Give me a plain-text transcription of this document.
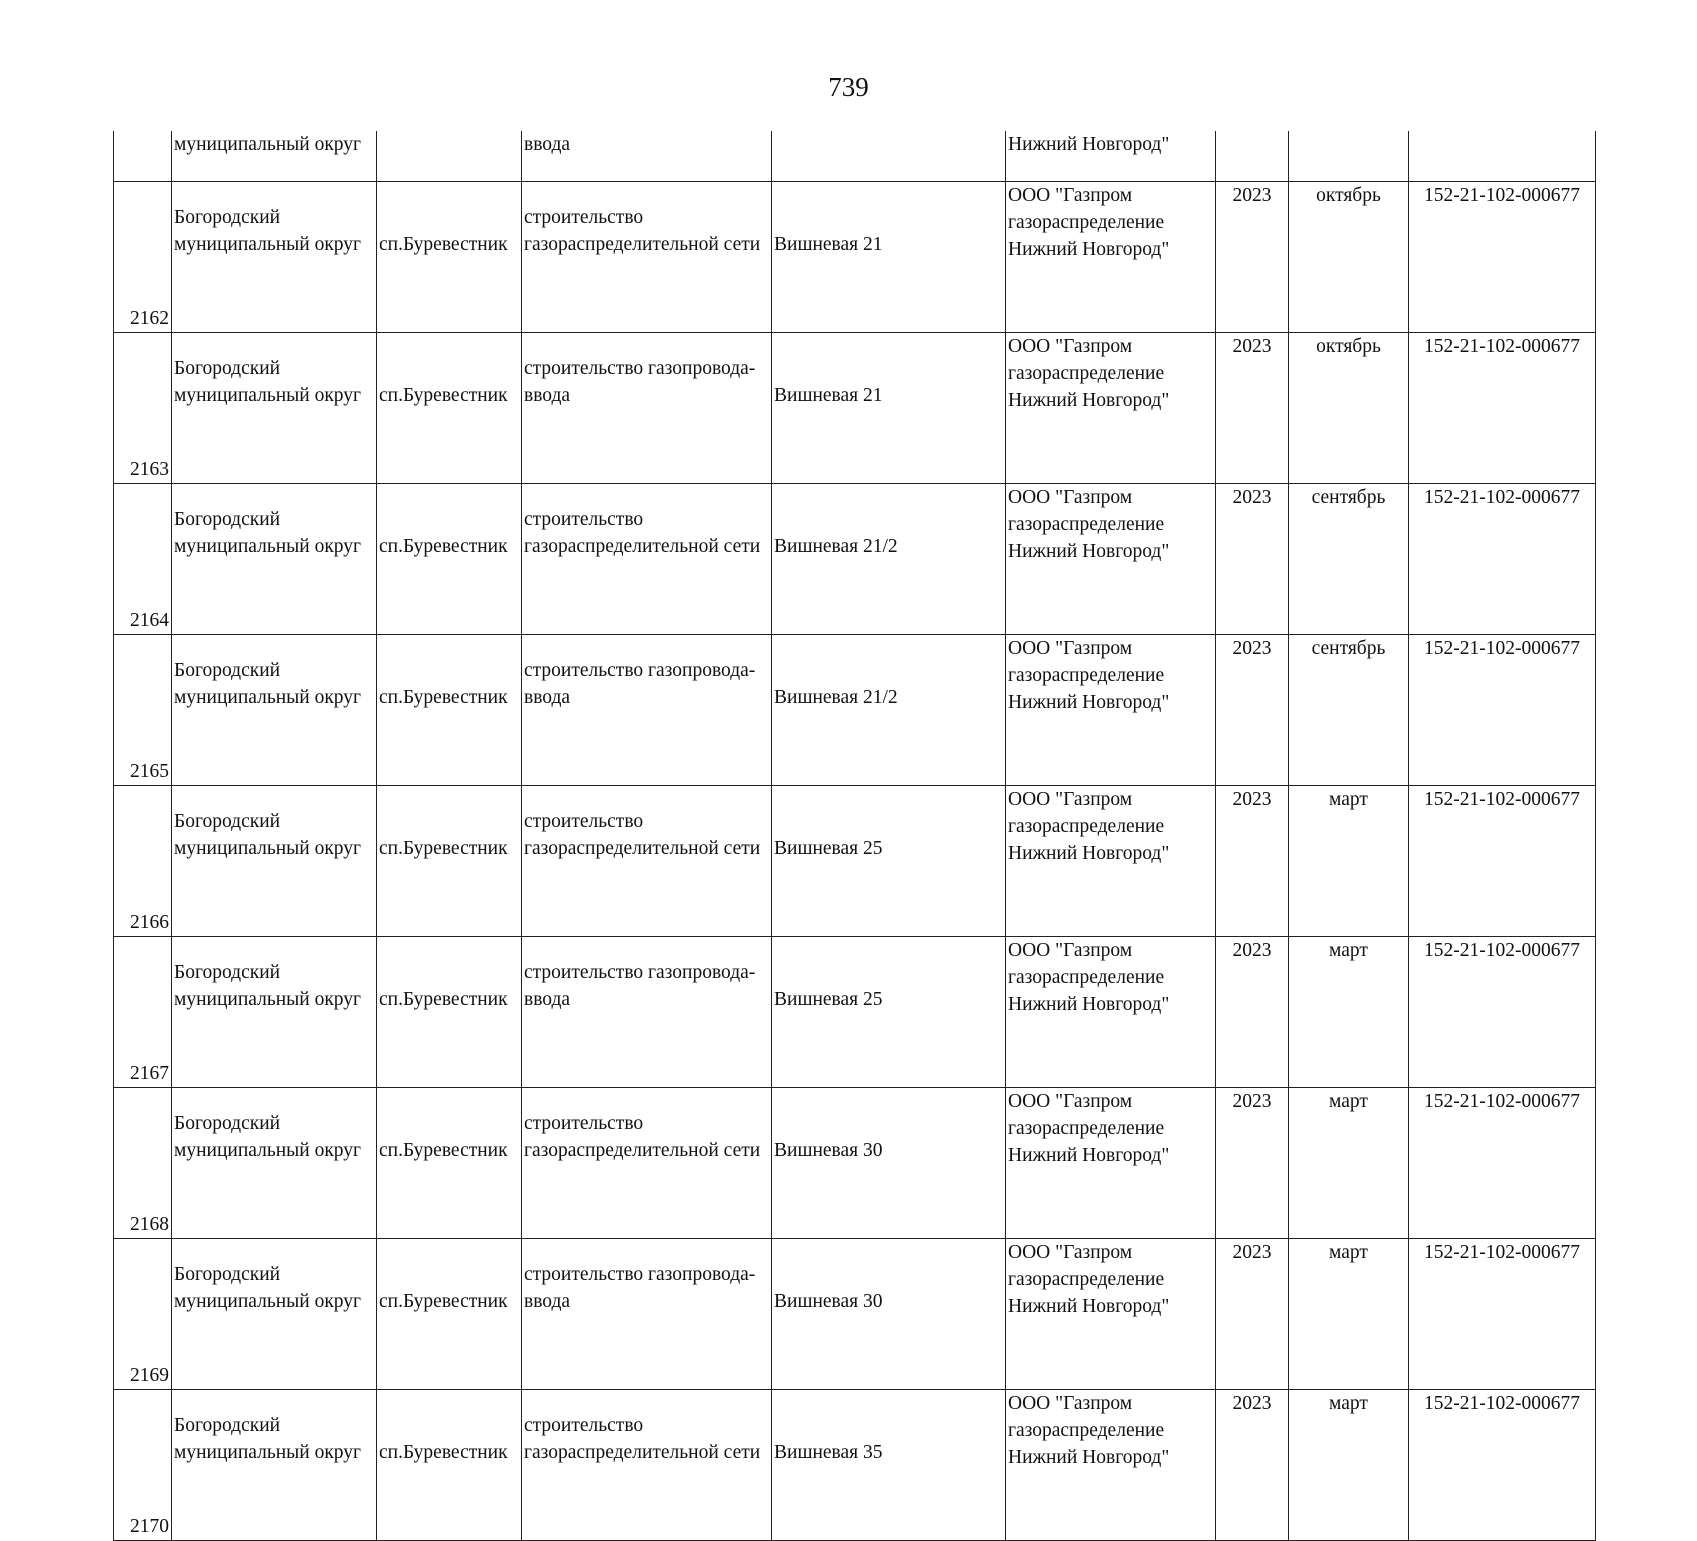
739
	муниципальный округ		ввода		Нижний Новгород"			
2162	Богородский
муниципальный округ	сп.Буревестник	строительство
газораспределительной сети	Вишневая 21	ООО "Газпром
газораспределение
Нижний Новгород"	2023	октябрь	152-21-102-000677
2163	Богородский
муниципальный округ	сп.Буревестник	строительство газопровода-
ввода	Вишневая 21	ООО "Газпром
газораспределение
Нижний Новгород"	2023	октябрь	152-21-102-000677
2164	Богородский
муниципальный округ	сп.Буревестник	строительство
газораспределительной сети	Вишневая 21/2	ООО "Газпром
газораспределение
Нижний Новгород"	2023	сентябрь	152-21-102-000677
2165	Богородский
муниципальный округ	сп.Буревестник	строительство газопровода-
ввода	Вишневая 21/2	ООО "Газпром
газораспределение
Нижний Новгород"	2023	сентябрь	152-21-102-000677
2166	Богородский
муниципальный округ	сп.Буревестник	строительство
газораспределительной сети	Вишневая 25	ООО "Газпром
газораспределение
Нижний Новгород"	2023	март	152-21-102-000677
2167	Богородский
муниципальный округ	сп.Буревестник	строительство газопровода-
ввода	Вишневая 25	ООО "Газпром
газораспределение
Нижний Новгород"	2023	март	152-21-102-000677
2168	Богородский
муниципальный округ	сп.Буревестник	строительство
газораспределительной сети	Вишневая 30	ООО "Газпром
газораспределение
Нижний Новгород"	2023	март	152-21-102-000677
2169	Богородский
муниципальный округ	сп.Буревестник	строительство газопровода-
ввода	Вишневая 30	ООО "Газпром
газораспределение
Нижний Новгород"	2023	март	152-21-102-000677
2170	Богородский
муниципальный округ	сп.Буревестник	строительство
газораспределительной сети	Вишневая 35	ООО "Газпром
газораспределение
Нижний Новгород"	2023	март	152-21-102-000677
